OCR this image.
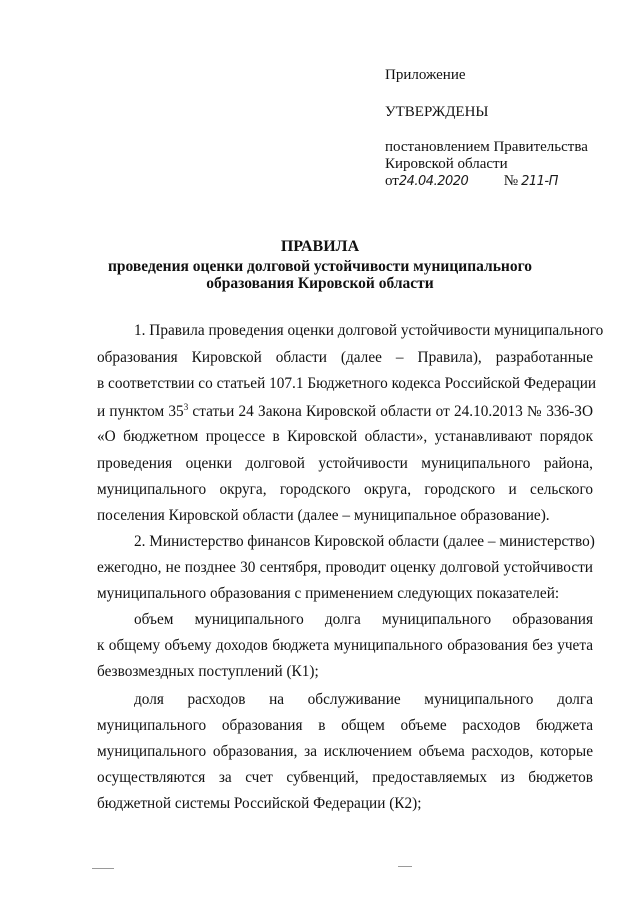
Приложение

УТВЕРЖДЕНЫ

постановлением Правительства

Кировской области

от24.04.2020 № 211-П

ПРАВИЛА

проведения оценки долговой устойчивости муниципального

образования Кировской области

1. Правила проведения оценки долговой устойчивости муниципального

образования Кировской области (далее – Правила), разработанные

в соответствии со статьей 107.1 Бюджетного кодекса Российской Федерации

и пунктом $35^3$ статьи 24 Закона Кировской области от 24.10.2013 № 336-ЗО

«О бюджетном процессе в Кировской области», устанавливают порядок

проведения оценки долговой устойчивости муниципального района,

муниципального округа, городского округа, городского и сельского

поселения Кировской области (далее – муниципальное образование).

2. Министерство финансов Кировской области (далее – министерство)

ежегодно, не позднее 30 сентября, проводит оценку долговой устойчивости

муниципального образования с применением следующих показателей:

объем муниципального долга муниципального образования

к общему объему доходов бюджета муниципального образования без учета

безвозмездных поступлений (К1);

доля расходов на обслуживание муниципального долга

муниципального образования в общем объеме расходов бюджета

муниципального образования, за исключением объема расходов, которые

осуществляются за счет субвенций, предоставляемых из бюджетов

бюджетной системы Российской Федерации (К2);
